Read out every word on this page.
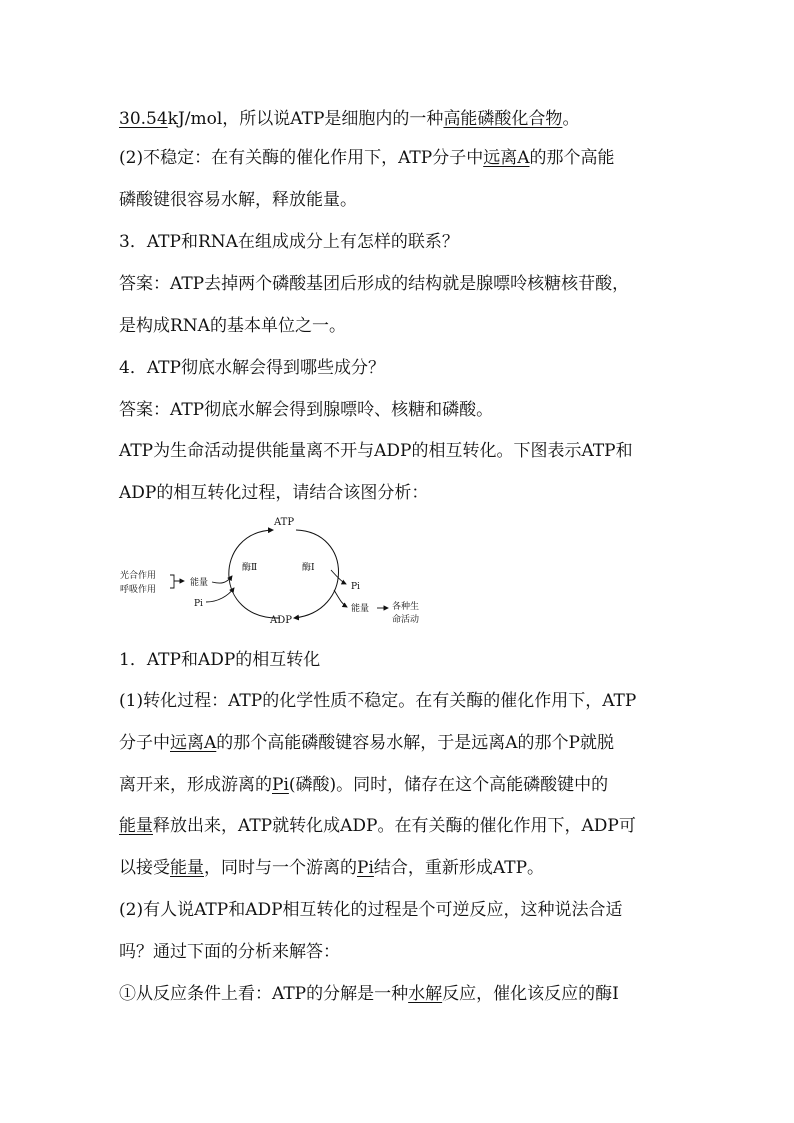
30.54kJ/mol，所以说ATP是细胞内的一种高能磷酸化合物。
(2)不稳定：在有关酶的催化作用下，ATP分子中远离A的那个高能
磷酸键很容易水解，释放能量。
3．ATP和RNA在组成成分上有怎样的联系？
答案：ATP去掉两个磷酸基团后形成的结构就是腺嘌呤核糖核苷酸，
是构成RNA的基本单位之一。
4．ATP彻底水解会得到哪些成分？
答案：ATP彻底水解会得到腺嘌呤、核糖和磷酸。
ATP为生命活动提供能量离不开与ADP的相互转化。下图表示ATP和
ADP的相互转化过程，请结合该图分析：
ATP
ADP
酶Ⅱ	酶Ⅰ
光合作用
呼吸作用
能量
Pi
Pi
能量	各种生
命活动
1．ATP和ADP的相互转化
(1)转化过程：ATP的化学性质不稳定。在有关酶的催化作用下，ATP
分子中远离A的那个高能磷酸键容易水解，于是远离A的那个P就脱
离开来，形成游离的Pi(磷酸)。同时，储存在这个高能磷酸键中的
能量释放出来，ATP就转化成ADP。在有关酶的催化作用下，ADP可
以接受能量，同时与一个游离的Pi结合，重新形成ATP。
(2)有人说ATP和ADP相互转化的过程是个可逆反应，这种说法合适
吗？通过下面的分析来解答：
①从反应条件上看：ATP的分解是一种水解反应，催化该反应的酶Ⅰ
